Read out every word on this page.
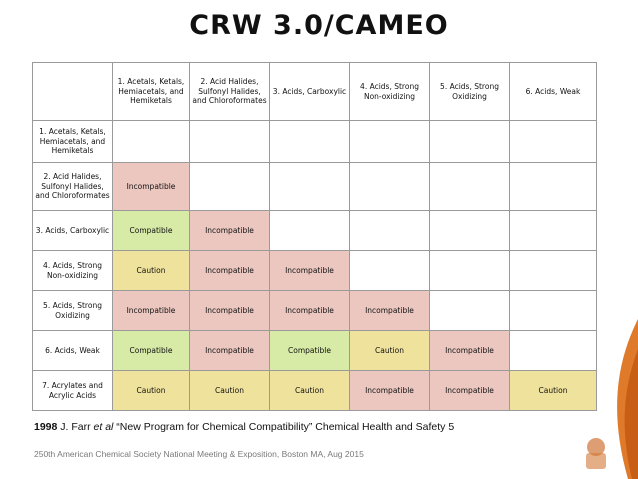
CRW 3.0/CAMEO
	1. Acetals, Ketals, Hemiacetals, and Hemiketals	2. Acid Halides, Sulfonyl Halides, and Chloroformates	3. Acids, Carboxylic	4. Acids, Strong Non-oxidizing	5. Acids, Strong Oxidizing	6. Acids, Weak
1. Acetals, Ketals, Hemiacetals, and Hemiketals						
2. Acid Halides, Sulfonyl Halides, and Chloroformates	Incompatible					
3. Acids, Carboxylic	Compatible	Incompatible				
4. Acids, Strong Non-oxidizing	Caution	Incompatible	Incompatible			
5. Acids, Strong Oxidizing	Incompatible	Incompatible	Incompatible	Incompatible		
6. Acids, Weak	Compatible	Incompatible	Compatible	Caution	Incompatible	
7. Acrylates and Acrylic Acids	Caution	Caution	Caution	Incompatible	Incompatible	Caution
1998 J. Farr et al “New Program for Chemical Compatibility” Chemical Health and Safety 5
250th American Chemical Society National Meeting & Exposition, Boston MA, Aug 2015
